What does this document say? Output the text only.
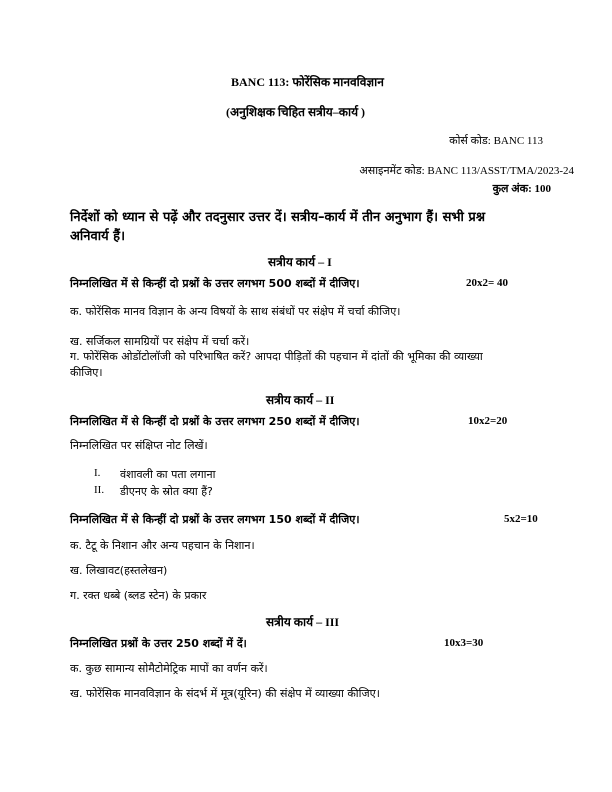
BANC 113: फोरेंसिक मानवविज्ञान
(अनुशिक्षक चिहित सत्रीय–कार्य )
कोर्स कोड: BANC 113
असाइनमेंट कोड: BANC 113/ASST/TMA/2023-24
कुल अंक: 100
निर्देशों को ध्यान से पढ़ें और तदनुसार उत्तर दें। सत्रीय–कार्य में तीन अनुभाग हैं। सभी प्रश्न
अनिवार्य हैं।
सत्रीय कार्य – I
निम्नलिखित में से किन्हीं दो प्रश्नों के उत्तर लगभग 500 शब्दों में दीजिए।	20x2= 40
क. फोरेंसिक मानव विज्ञान के अन्य विषयों के साथ संबंधों पर संक्षेप में चर्चा कीजिए।
ख. सर्जिकल सामग्रियों पर संक्षेप में चर्चा करें।
ग. फोरेंसिक ओडोंटोलॉजी को परिभाषित करें? आपदा पीड़ितों की पहचान में दांतों की भूमिका की व्याख्या
कीजिए।
सत्रीय कार्य – II
निम्नलिखित में से किन्हीं दो प्रश्नों के उत्तर लगभग 250 शब्दों में दीजिए।	10x2=20
निम्नलिखित पर संक्षिप्त नोट लिखें।
I. वंशावली का पता लगाना
II. डीएनए के स्रोत क्या हैं?
निम्नलिखित में से किन्हीं दो प्रश्नों के उत्तर लगभग 150 शब्दों में दीजिए।	5x2=10
क. टैटू के निशान और अन्य पहचान के निशान।
ख. लिखावट(हस्तलेखन)
ग. रक्त धब्बे (ब्लड स्टेन) के प्रकार
सत्रीय कार्य – III
निम्नलिखित प्रश्नों के उत्तर 250 शब्दों में दें।	10x3=30
क. कुछ सामान्य सोमैटोमेट्रिक मापों का वर्णन करें।
ख. फोरेंसिक मानवविज्ञान के संदर्भ में मूत्र(यूरिन) की संक्षेप में व्याख्या कीजिए।
